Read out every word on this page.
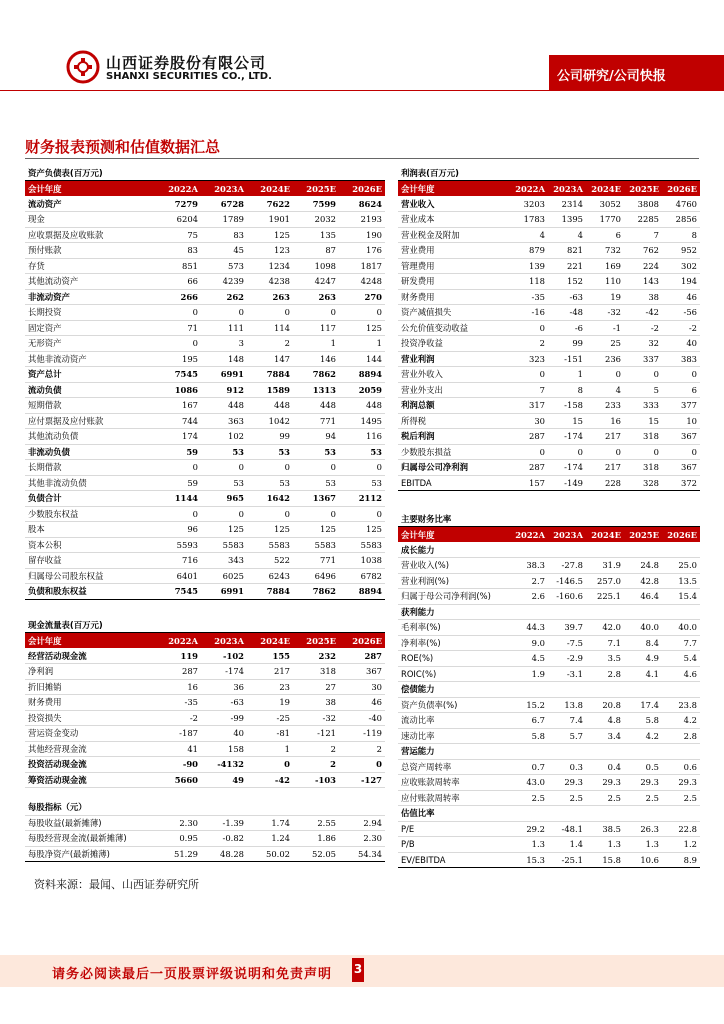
山西证券股份有限公司
SHANXI SECURITIES CO., LTD.	公司研究/公司快报
财务报表预测和估值数据汇总
资产负债表(百万元)					
会计年度	2022A	2023A	2024E	2025E	2026E
流动资产	7279	6728	7622	7599	8624
现金	6204	1789	1901	2032	2193
应收票据及应收账款	75	83	125	135	190
预付账款	83	45	123	87	176
存货	851	573	1234	1098	1817
其他流动资产	66	4239	4238	4247	4248
非流动资产	266	262	263	263	270
长期投资	0	0	0	0	0
固定资产	71	111	114	117	125
无形资产	0	3	2	1	1
其他非流动资产	195	148	147	146	144
资产总计	7545	6991	7884	7862	8894
流动负债	1086	912	1589	1313	2059
短期借款	167	448	448	448	448
应付票据及应付账款	744	363	1042	771	1495
其他流动负债	174	102	99	94	116
非流动负债	59	53	53	53	53
长期借款	0	0	0	0	0
其他非流动负债	59	53	53	53	53
负债合计	1144	965	1642	1367	2112
少数股东权益	0	0	0	0	0
股本	96	125	125	125	125
资本公积	5593	5583	5583	5583	5583
留存收益	716	343	522	771	1038
归属母公司股东权益	6401	6025	6243	6496	6782
负债和股东权益	7545	6991	7884	7862	8894
现金流量表(百万元)					
会计年度	2022A	2023A	2024E	2025E	2026E
经营活动现金流	119	-102	155	232	287
净利润	287	-174	217	318	367
折旧摊销	16	36	23	27	30
财务费用	-35	-63	19	38	46
投资损失	-2	-99	-25	-32	-40
营运资金变动	-187	40	-81	-121	-119
其他经营现金流	41	158	1	2	2
投资活动现金流	-90	-4132	0	2	0
筹资活动现金流	5660	49	-42	-103	-127

每股指标（元）					
每股收益(最新摊薄)	2.30	-1.39	1.74	2.55	2.94
每股经营现金流(最新摊薄)	0.95	-0.82	1.24	1.86	2.30
每股净资产(最新摊薄)	51.29	48.28	50.02	52.05	54.34
利润表(百万元)					
会计年度	2022A	2023A	2024E	2025E	2026E
营业收入	3203	2314	3052	3808	4760
营业成本	1783	1395	1770	2285	2856
营业税金及附加	4	4	6	7	8
营业费用	879	821	732	762	952
管理费用	139	221	169	224	302
研发费用	118	152	110	143	194
财务费用	-35	-63	19	38	46
资产减值损失	-16	-48	-32	-42	-56
公允价值变动收益	0	-6	-1	-2	-2
投资净收益	2	99	25	32	40
营业利润	323	-151	236	337	383
营业外收入	0	1	0	0	0
营业外支出	7	8	4	5	6
利润总额	317	-158	233	333	377
所得税	30	15	16	15	10
税后利润	287	-174	217	318	367
少数股东损益	0	0	0	0	0
归属母公司净利润	287	-174	217	318	367
EBITDA	157	-149	228	328	372
主要财务比率					
会计年度	2022A	2023A	2024E	2025E	2026E
成长能力					
营业收入(%)	38.3	-27.8	31.9	24.8	25.0
营业利润(%)	2.7	-146.5	257.0	42.8	13.5
归属于母公司净利润(%)	2.6	-160.6	225.1	46.4	15.4
获利能力					
毛利率(%)	44.3	39.7	42.0	40.0	40.0
净利率(%)	9.0	-7.5	7.1	8.4	7.7
ROE(%)	4.5	-2.9	3.5	4.9	5.4
ROIC(%)	1.9	-3.1	2.8	4.1	4.6
偿债能力					
资产负债率(%)	15.2	13.8	20.8	17.4	23.8
流动比率	6.7	7.4	4.8	5.8	4.2
速动比率	5.8	5.7	3.4	4.2	2.8
营运能力					
总资产周转率	0.7	0.3	0.4	0.5	0.6
应收账款周转率	43.0	29.3	29.3	29.3	29.3
应付账款周转率	2.5	2.5	2.5	2.5	2.5
估值比率					
P/E	29.2	-48.1	38.5	26.3	22.8
P/B	1.3	1.4	1.3	1.3	1.2
EV/EBITDA	15.3	-25.1	15.8	10.6	8.9
资料来源：最闻、山西证券研究所
请务必阅读最后一页股票评级说明和免责声明 3
